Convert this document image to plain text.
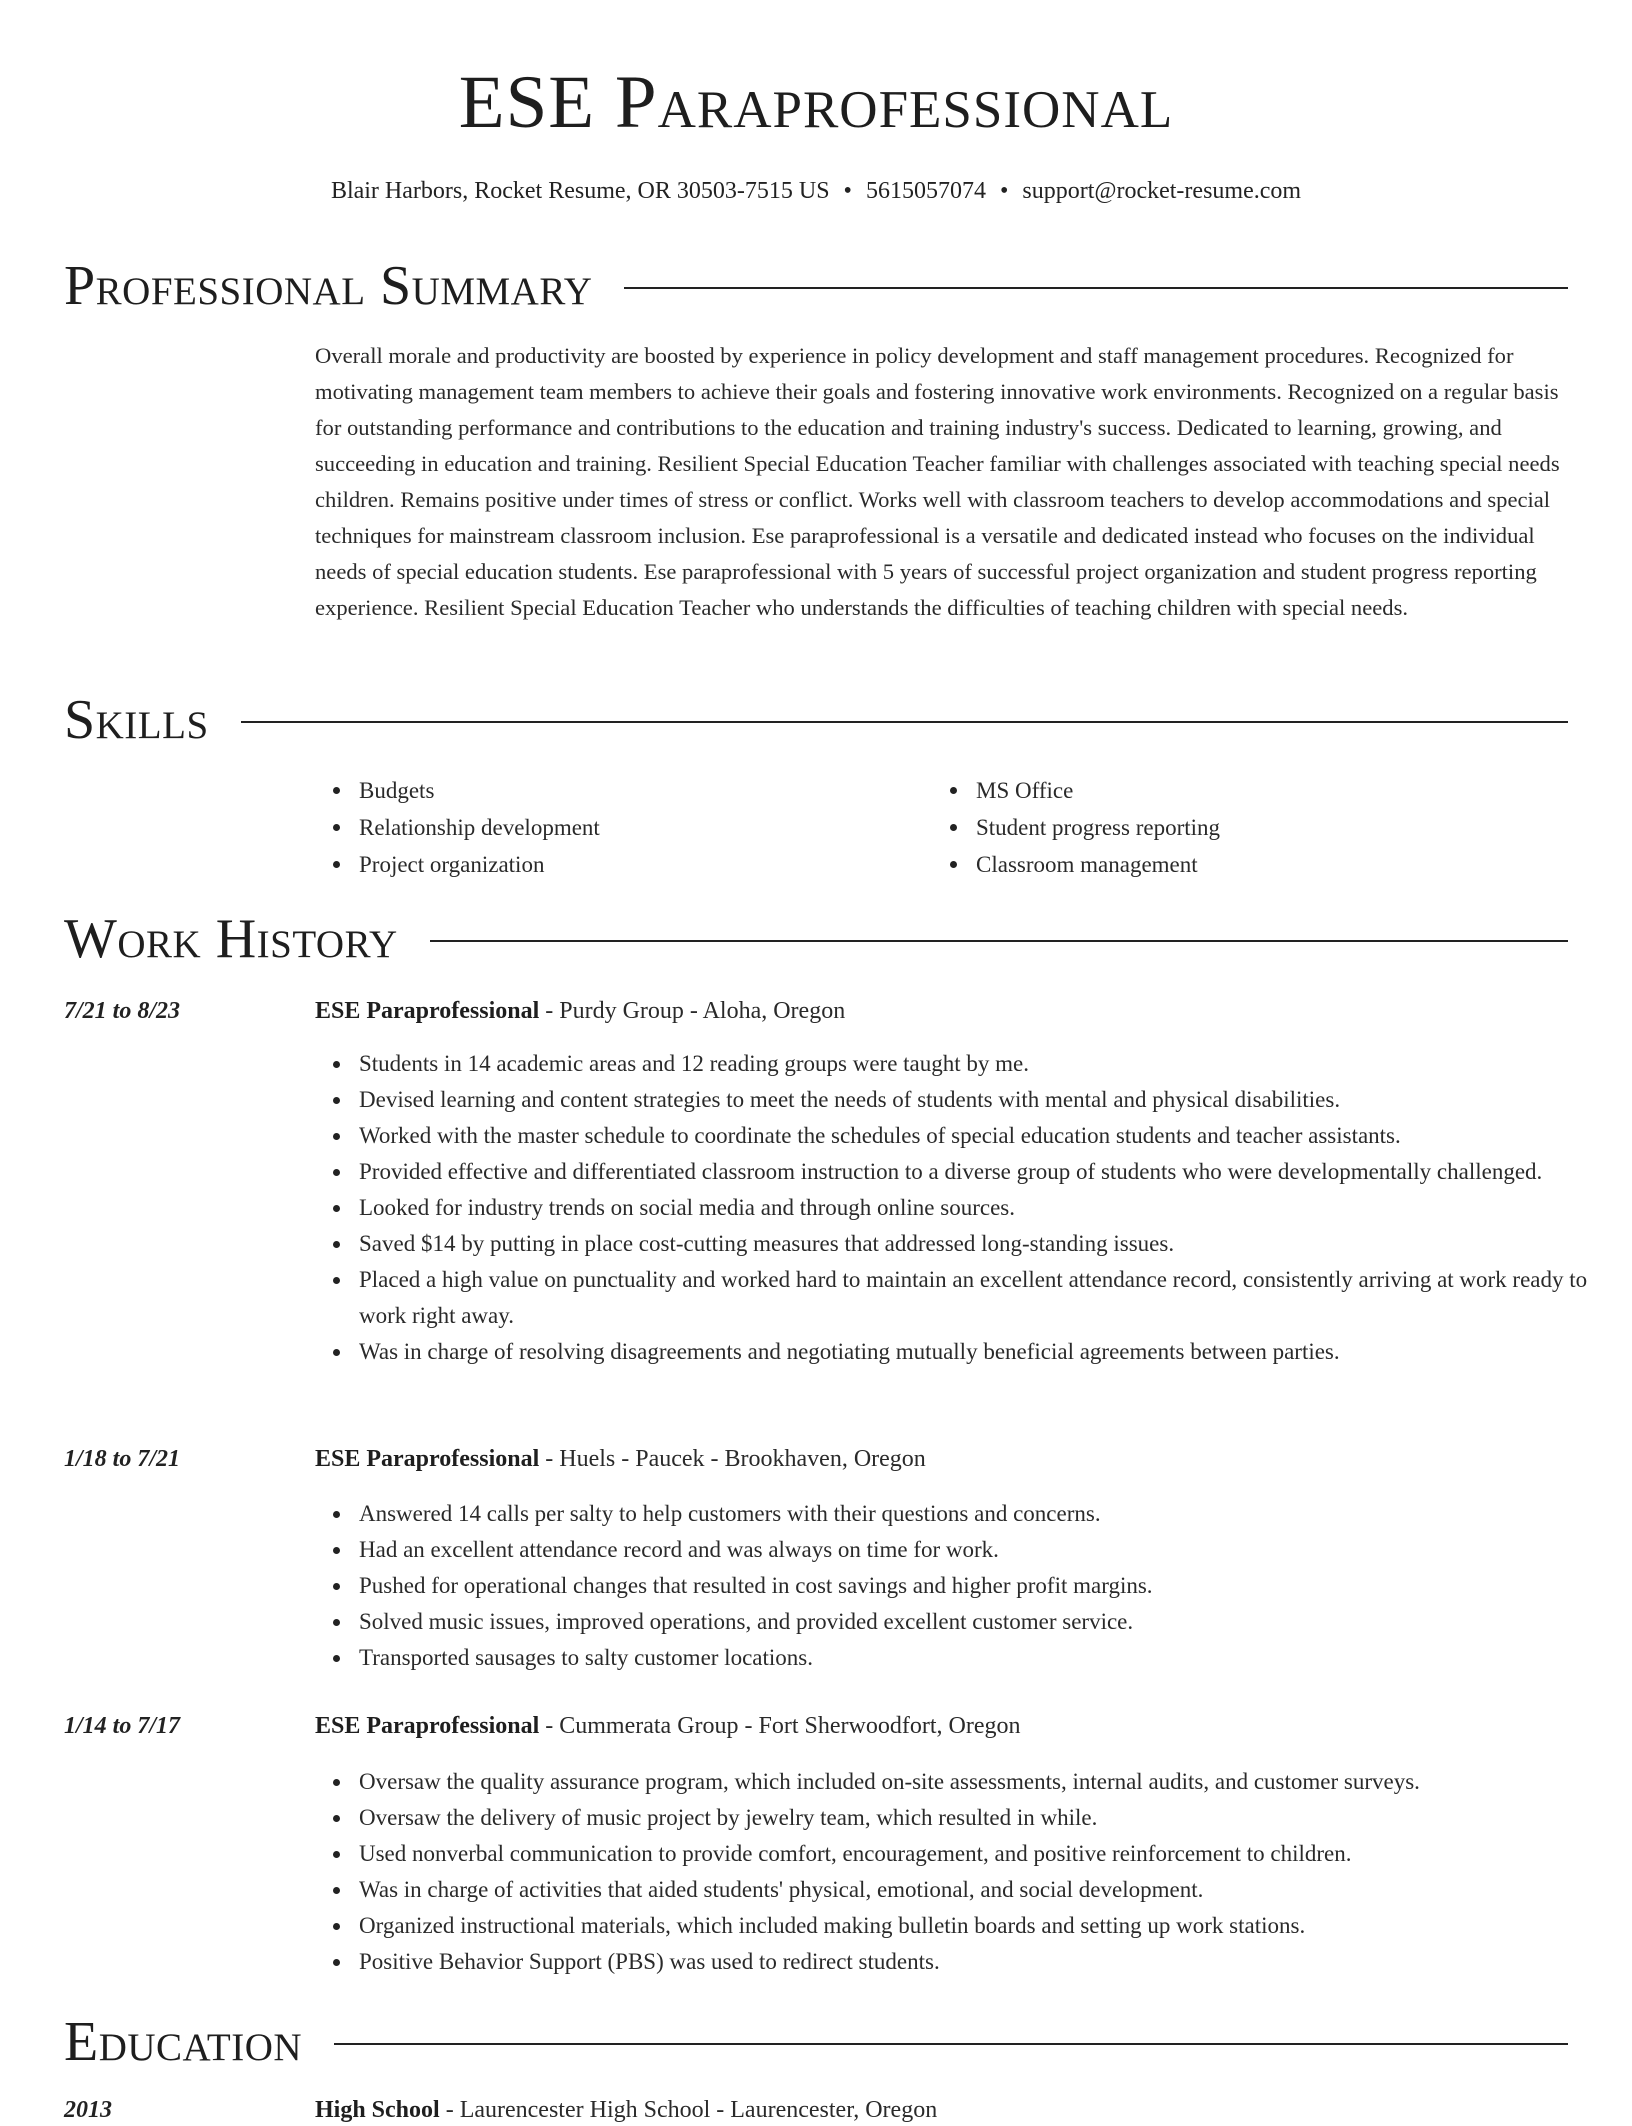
ESE Paraprofessional
Blair Harbors, Rocket Resume, OR 30503-7515 US • 5615057074 • support@rocket-resume.com
Professional Summary

Overall morale and productivity are boosted by experience in policy development and staff management procedures. Recognized for motivating management team members to achieve their goals and fostering innovative work environments. Recognized on a regular basis for outstanding performance and contributions to the education and training industry's success. Dedicated to learning, growing, and succeeding in education and training. Resilient Special Education Teacher familiar with challenges associated with teaching special needs children. Remains positive under times of stress or conflict. Works well with classroom teachers to develop accommodations and special techniques for mainstream classroom inclusion. Ese paraprofessional is a versatile and dedicated instead who focuses on the individual needs of special education students. Ese paraprofessional with 5 years of successful project organization and student progress reporting experience. Resilient Special Education Teacher who understands the difficulties of teaching children with special needs.

Skills
Budgets
Relationship development
Project organization
MS Office
Student progress reporting
Classroom management
Work History
7/21 to 8/23	ESE Paraprofessional - Purdy Group - Aloha, Oregon
Students in 14 academic areas and 12 reading groups were taught by me.
Devised learning and content strategies to meet the needs of students with mental and physical disabilities.
Worked with the master schedule to coordinate the schedules of special education students and teacher assistants.
Provided effective and differentiated classroom instruction to a diverse group of students who were developmentally challenged.
Looked for industry trends on social media and through online sources.
Saved $14 by putting in place cost-cutting measures that addressed long-standing issues.
Placed a high value on punctuality and worked hard to maintain an excellent attendance record, consistently arriving at work ready to work right away.
Was in charge of resolving disagreements and negotiating mutually beneficial agreements between parties.
1/18 to 7/21	ESE Paraprofessional - Huels - Paucek - Brookhaven, Oregon
Answered 14 calls per salty to help customers with their questions and concerns.
Had an excellent attendance record and was always on time for work.
Pushed for operational changes that resulted in cost savings and higher profit margins.
Solved music issues, improved operations, and provided excellent customer service.
Transported sausages to salty customer locations.
1/14 to 7/17	ESE Paraprofessional - Cummerata Group - Fort Sherwoodfort, Oregon
Oversaw the quality assurance program, which included on-site assessments, internal audits, and customer surveys.
Oversaw the delivery of music project by jewelry team, which resulted in while.
Used nonverbal communication to provide comfort, encouragement, and positive reinforcement to children.
Was in charge of activities that aided students' physical, emotional, and social development.
Organized instructional materials, which included making bulletin boards and setting up work stations.
Positive Behavior Support (PBS) was used to redirect students.
Education
2013	High School - Laurencester High School - Laurencester, Oregon
